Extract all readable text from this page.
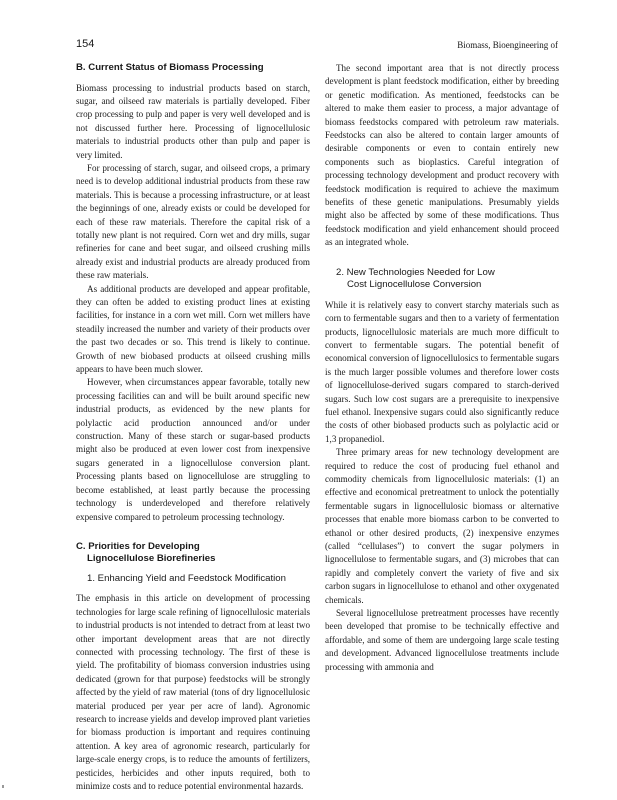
154	Biomass, Bioengineering of
B. Current Status of Biomass Processing

Biomass processing to industrial products based on starch, sugar, and oilseed raw materials is partially developed. Fiber crop processing to pulp and paper is very well developed and is not discussed further here. Processing of lignocellulosic materials to industrial products other than pulp and paper is very limited.

For processing of starch, sugar, and oilseed crops, a primary need is to develop additional industrial products from these raw materials. This is because a processing infrastructure, or at least the beginnings of one, already exists or could be developed for each of these raw materials. Therefore the capital risk of a totally new plant is not required. Corn wet and dry mills, sugar refineries for cane and beet sugar, and oilseed crushing mills already exist and industrial products are already produced from these raw materials.

As additional products are developed and appear profitable, they can often be added to existing product lines at existing facilities, for instance in a corn wet mill. Corn wet millers have steadily increased the number and variety of their products over the past two decades or so. This trend is likely to continue. Growth of new biobased products at oilseed crushing mills appears to have been much slower.

However, when circumstances appear favorable, totally new processing facilities can and will be built around specific new industrial products, as evidenced by the new plants for polylactic acid production announced and/or under construction. Many of these starch or sugar-based products might also be produced at even lower cost from inexpensive sugars generated in a lignocellulose conversion plant. Processing plants based on lignocellulose are struggling to become established, at least partly because the processing technology is underdeveloped and therefore relatively expensive compared to petroleum processing technology.

C. Priorities for Developing
Lignocellulose Biorefineries
1. Enhancing Yield and Feedstock Modification

The emphasis in this article on development of processing technologies for large scale refining of lignocellulosic materials to industrial products is not intended to detract from at least two other important development areas that are not directly connected with processing technology. The first of these is yield. The profitability of biomass conversion industries using dedicated (grown for that purpose) feedstocks will be strongly affected by the yield of raw material (tons of dry lignocellulosic material produced per year per acre of land). Agronomic research to increase yields and develop improved plant varieties for biomass production is important and requires continuing attention. A key area of agronomic research, particularly for large-scale energy crops, is to reduce the amounts of fertilizers, pesticides, herbicides and other inputs required, both to minimize costs and to reduce potential environmental hazards.

The second important area that is not directly process development is plant feedstock modification, either by breeding or genetic modification. As mentioned, feedstocks can be altered to make them easier to process, a major advantage of biomass feedstocks compared with petroleum raw materials. Feedstocks can also be altered to contain larger amounts of desirable components or even to contain entirely new components such as bioplastics. Careful integration of processing technology development and product recovery with feedstock modification is required to achieve the maximum benefits of these genetic manipulations. Presumably yields might also be affected by some of these modifications. Thus feedstock modification and yield enhancement should proceed as an integrated whole.

2. New Technologies Needed for Low
Cost Lignocellulose Conversion

While it is relatively easy to convert starchy materials such as corn to fermentable sugars and then to a variety of fermentation products, lignocellulosic materials are much more difficult to convert to fermentable sugars. The potential benefit of economical conversion of lignocellulosics to fermentable sugars is the much larger possible volumes and therefore lower costs of lignocellulose-derived sugars compared to starch-derived sugars. Such low cost sugars are a prerequisite to inexpensive fuel ethanol. Inexpensive sugars could also significantly reduce the costs of other biobased products such as polylactic acid or 1,3 propanediol.

Three primary areas for new technology development are required to reduce the cost of producing fuel ethanol and commodity chemicals from lignocellulosic materials: (1) an effective and economical pretreatment to unlock the potentially fermentable sugars in lignocellulosic biomass or alternative processes that enable more biomass carbon to be converted to ethanol or other desired products, (2) inexpensive enzymes (called “cellulases”) to convert the sugar polymers in lignocellulose to fermentable sugars, and (3) microbes that can rapidly and completely convert the variety of five and six carbon sugars in lignocellulose to ethanol and other oxygenated chemicals.

Several lignocellulose pretreatment processes have recently been developed that promise to be technically effective and affordable, and some of them are undergoing large scale testing and development. Advanced lignocellulose treatments include processing with ammonia and
